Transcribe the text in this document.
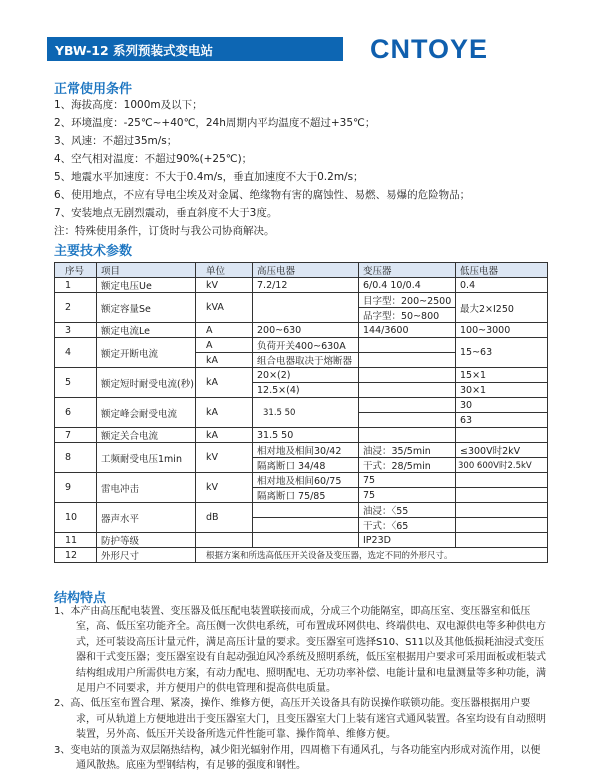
YBW-12 系列预装式变电站	CNTOYE
正常使用条件
1、海拔高度：1000m及以下；
2、环境温度：-25℃~+40℃，24h周期内平均温度不超过+35℃；
3、风速：不超过35m/s；
4、空气相对温度：不超过90%(+25℃)；
5、地震水平加速度：不大于0.4m/s，垂直加速度不大于0.2m/s；
6、使用地点，不应有导电尘埃及对金属、绝缘物有害的腐蚀性、易燃、易爆的危险物品；
7、安装地点无剧烈震动，垂直斜度不大于3度。
注：特殊使用条件，订货时与我公司协商解决。
主要技术参数
序号	项目	单位	高压电器	变压器	低压电器
1	额定电压Ue	kV	7.2/12	6/0.4 10/0.4	0.4
2	额定容量Se	kVA		目字型：200~2500	最大2×I250
				品字型：50~800	
3	额定电流Le	A	200~630	144/3600	100~3000
4	额定开断电流	A	负荷开关400~630A		15~63
		kA	组合电器取决于熔断器		
5	额定短时耐受电流(秒)	kA	20×(2)		15×1
			12.5×(4)		30×1
6	额定峰会耐受电流	kA	31.5 50		30
					63
7	额定关合电流	kA	31.5 50		
8	工频耐受电压1min	kV	相对地及相间30/42	油浸：35/5min	≤300V时2kV
			隔离断口 34/48	干式：28/5min	300 600V时2.5kV
9	雷电冲击	kV	相对地及相间60/75	75	
			隔离断口 75/85	75	
10	器声水平	dB		油浸：〈55	
				干式：〈65	
11	防护等级			IP23D	
12	外形尺寸	根据方案和所选高低压开关设备及变压器，选定不同的外形尺寸。			
结构特点

1、本产由高压配电装置、变压器及低压配电装置联接而成，分成三个功能隔室，即高压室、变压器室和低压室，高、低压室功能齐全。高压侧一次供电系统，可布置成环网供电、终端供电、双电源供电等多种供电方式，还可装设高压计量元件，满足高压计量的要求。变压器室可选择S10、S11以及其他低损耗油浸式变压器和干式变压器；变压器室设有自起动强迫风冷系统及照明系统，低压室根据用户要求可采用面板或柜装式结构组成用户所需供电方案，有动力配电、照明配电、无功功率补偿、电能计量和电量测量等多种功能，满足用户不同要求，并方便用户的供电管理和提高供电质量。

2、高、低压室布置合理、紧凑，操作、维修方便，高压开关设备具有防误操作联锁功能。变压器根据用户要求，可从轨道上方便地进出于变压器室大门，且变压器室大门上装有迷宫式通风装置。各室均设有自动照明装置，另外高、低压开关设备所选元件性能可靠、操作简单、维修方便。

3、变电站的顶盖为双层隔热结构，减少阳光辐射作用，四周檐下有通风孔，与各功能室内形成对流作用，以便通风散热。底座为型钢结构，有足够的强度和钢性。
